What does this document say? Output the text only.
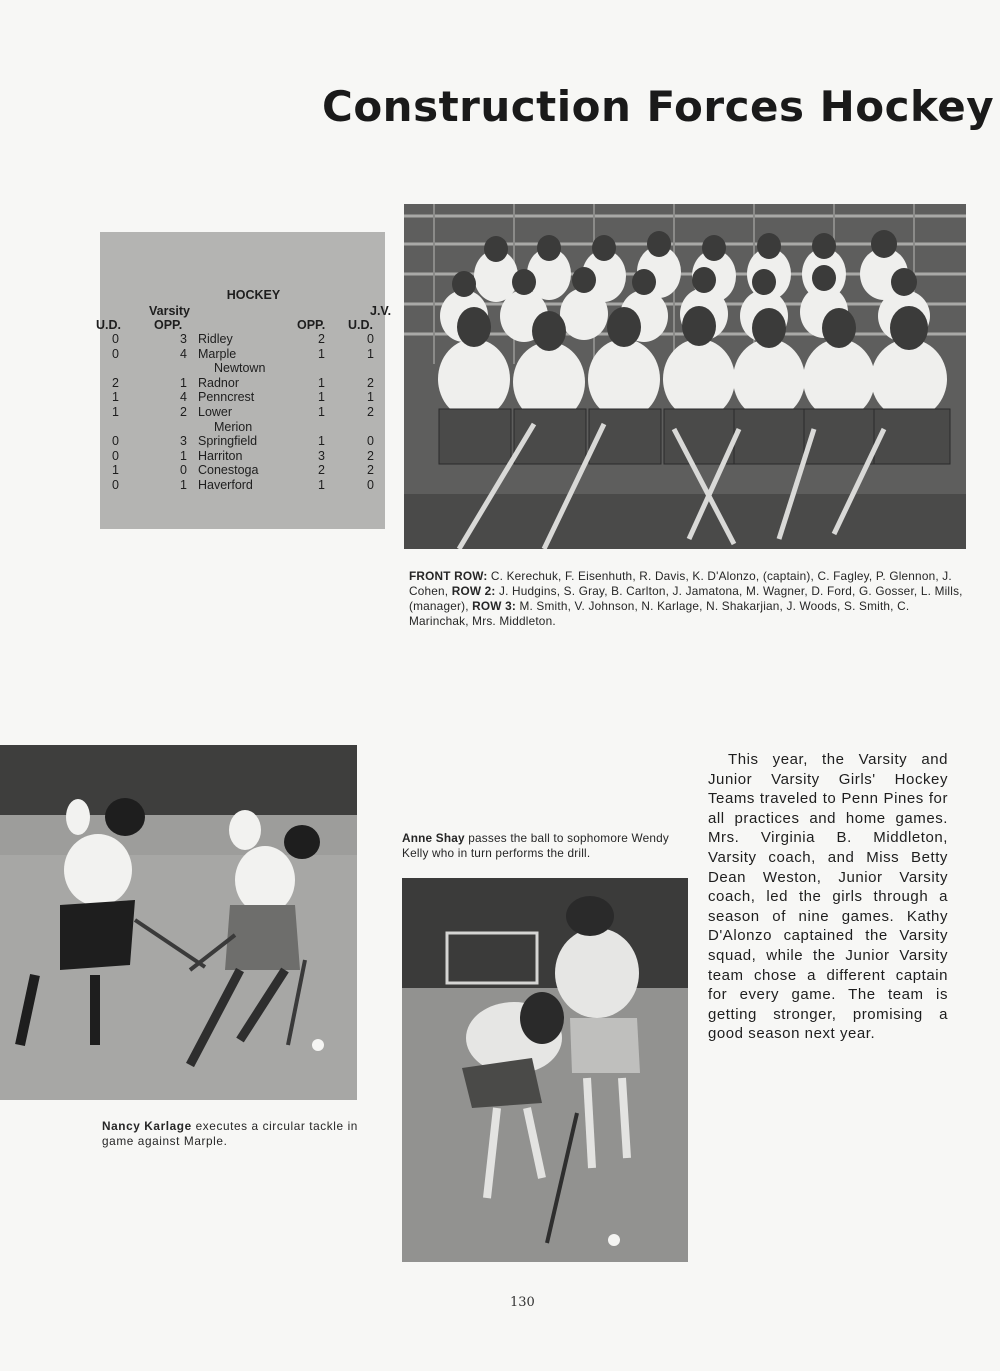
Construction Forces Hockey
HOCKEY
Varsity	J.V.
U.D.	OPP.	OPP. U.D.
0	3 Ridley	2	0
0	4 Marple	1	1
Newtown
2	1 Radnor	1	2
1	4 Penncrest	1	1
1	2 Lower	1	2
Merion
0	3 Springfield	1	0
0	1 Harriton	3	2
1	0 Conestoga	2	2
0	1 Haverford	1	0
FRONT ROW: C. Kerechuk, F. Eisenhuth, R. Davis, K. D'Alonzo, (captain), C. Fagley, P. Glennon, J. Cohen, ROW 2: J. Hudgins, S. Gray, B. Carlton, J. Jamatona, M. Wagner, D. Ford, G. Gosser, L. Mills, (manager), ROW 3: M. Smith, V. Johnson, N. Karlage, N. Shakarjian, J. Woods, S. Smith, C. Marinchak, Mrs. Middleton.
Nancy Karlage executes a circular tackle in game against Marple.
Anne Shay passes the ball to sophomore Wendy Kelly who in turn performs the drill.
This year, the Varsity and Junior Varsity Girls' Hockey Teams traveled to Penn Pines for all practices and home games. Mrs. Virginia B. Middleton, Varsity coach, and Miss Betty Dean Weston, Junior Varsity coach, led the girls through a season of nine games. Kathy D'Alonzo captained the Varsity squad, while the Junior Varsity team chose a different captain for every game. The team is getting stronger, promising a good season next year.
130
